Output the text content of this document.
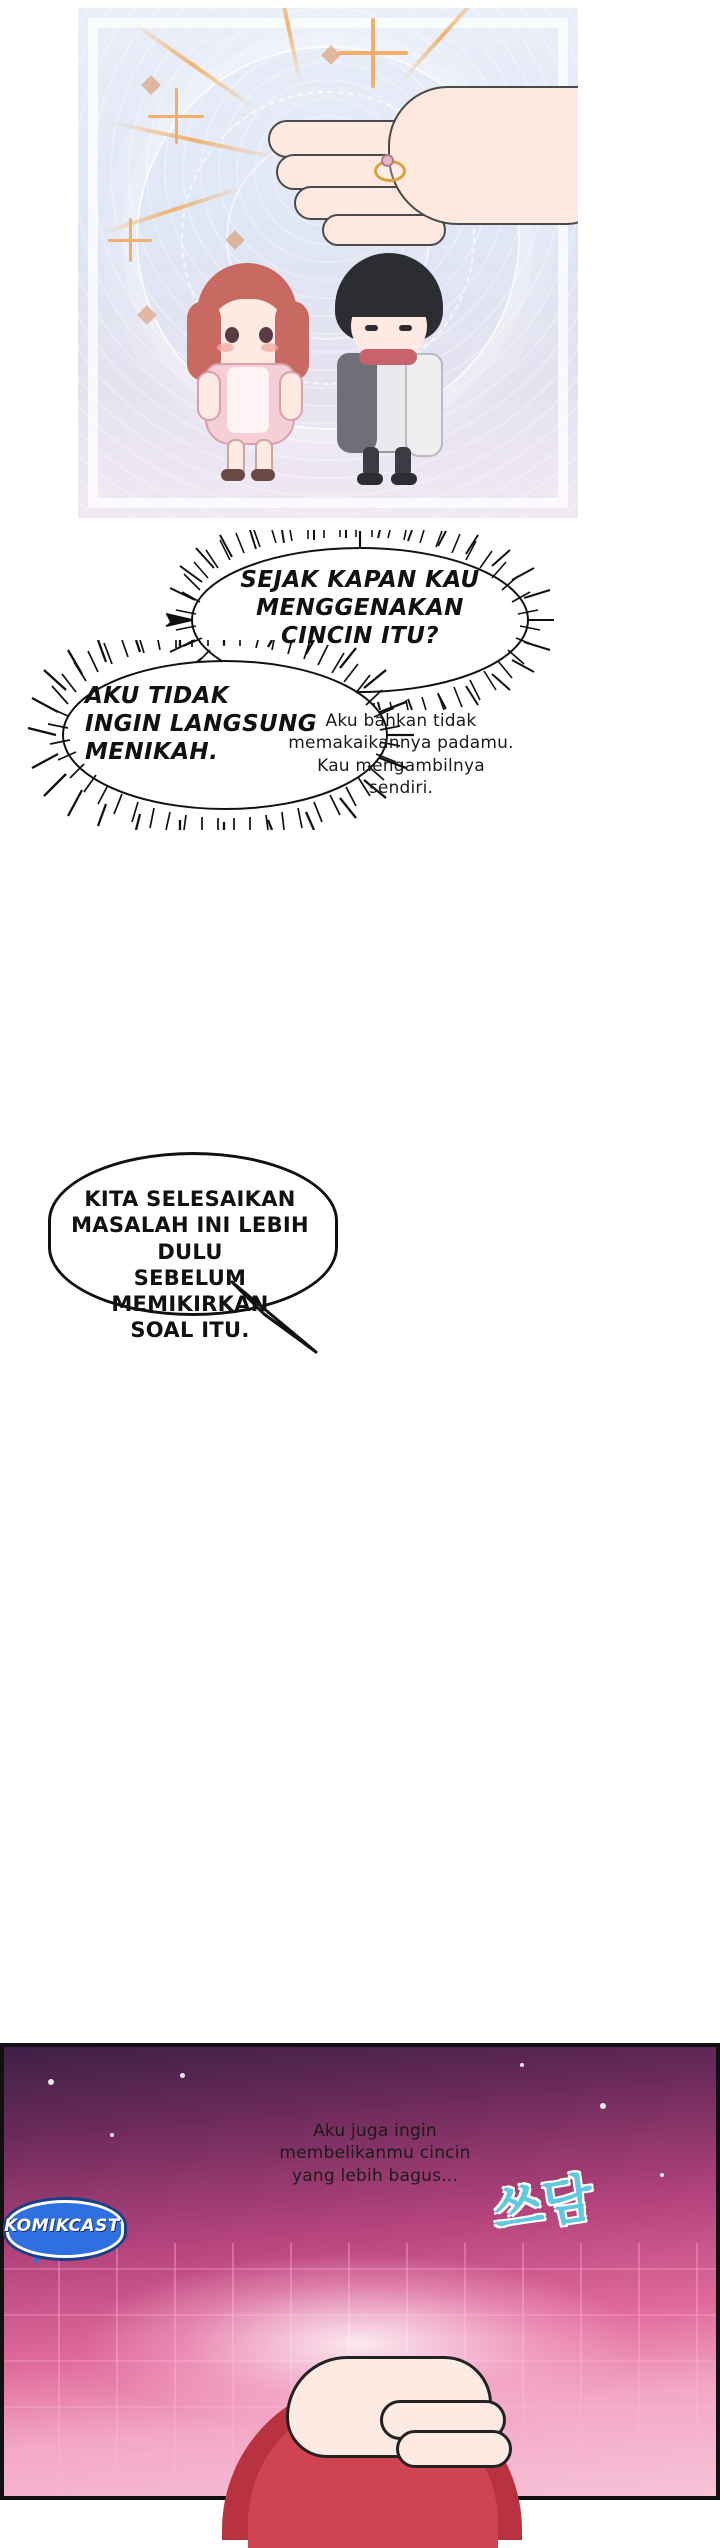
SEJAK KAPAN KAU
MENGGENAKAN
CINCIN ITU?
AKU TIDAK
INGIN LANGSUNG
MENIKAH.
Aku bahkan tidak
memakaikannya padamu.
Kau mengambilnya
sendiri.
KITA SELESAIKAN
MASALAH INI LEBIH DULU
SEBELUM MEMIKIRKAN
SOAL ITU.
Aku juga ingin
membelikanmu cincin
yang lebih bagus... 쓰담
KOMIKCAST
